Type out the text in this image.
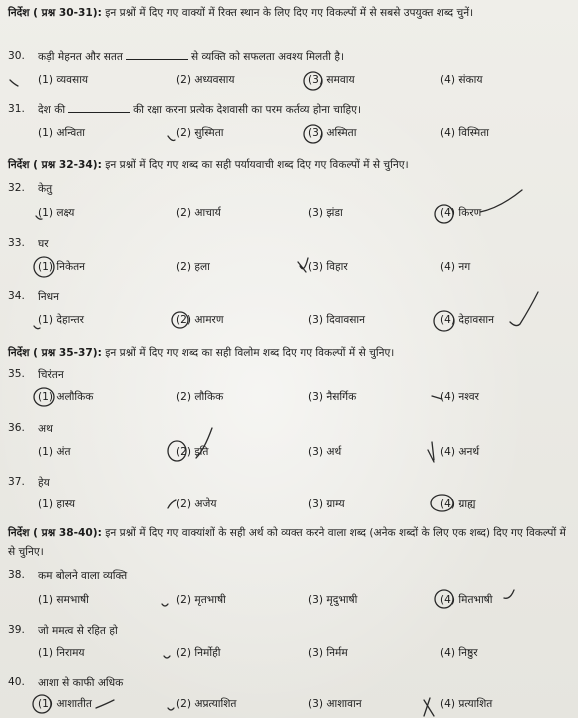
निर्देश ( प्रश्न 30-31): इन प्रश्नों में दिए गए वाक्यों में रिक्त स्थान के लिए दिए गए विकल्पों में से सबसे उपयुक्त शब्द चुनें।
30. कड़ी मेहनत और सतत	से व्यक्ति को सफलता अवश्य मिलती है।
(1) व्यवसाय	(2) अध्यवसाय	(3) समवाय	(4) संकाय
31. देश की	की रक्षा करना प्रत्येक देशवासी का परम कर्तव्य होना चाहिए।
(1) अन्विता	(2) सुस्मिता	(3) अस्मिता	(4) विस्मिता
निर्देश ( प्रश्न 32-34): इन प्रश्नों में दिए गए शब्द का सही पर्यायवाची शब्द दिए गए विकल्पों में से चुनिए।
32. केतु
(1) लक्ष्य	(2) आचार्य	(3) झंडा	(4) किरण
33. घर
(1) निकेतन	(2) हला	(3) विहार	(4) नग
34. निधन
(1) देहान्तर	(2) आमरण	(3) दिवावसान	(4) देहावसान
निर्देश ( प्रश्न 35-37): इन प्रश्नों में दिए गए शब्द का सही विलोम शब्द दिए गए विकल्पों में से चुनिए।
35. चिरंतन
(1) अलौकिक	(2) लौकिक	(3) नैसर्गिक	(4) नश्वर
36. अथ
(1) अंत	(2) इति	(3) अर्थ	(4) अनर्थ
37. हेय
(1) हास्य	(2) अजेय	(3) ग्राम्य	(4) ग्राह्य
निर्देश ( प्रश्न 38-40): इन प्रश्नों में दिए गए वाक्यांशों के सही अर्थ को व्यक्त करने वाला शब्द (अनेक शब्दों के लिए एक शब्द) दिए गए विकल्पों में से चुनिए।
38. कम बोलने वाला व्यक्ति
(1) समभाषी	(2) मृतभाषी	(3) मृदुभाषी	(4) मितभाषी
39. जो ममत्व से रहित हो
(1) निरामय	(2) निर्मोही	(3) निर्मम	(4) निष्ठुर
40. आशा से काफी अधिक
(1) आशातीत	(2) अप्रत्याशित	(3) आशावान	(4) प्रत्याशित
